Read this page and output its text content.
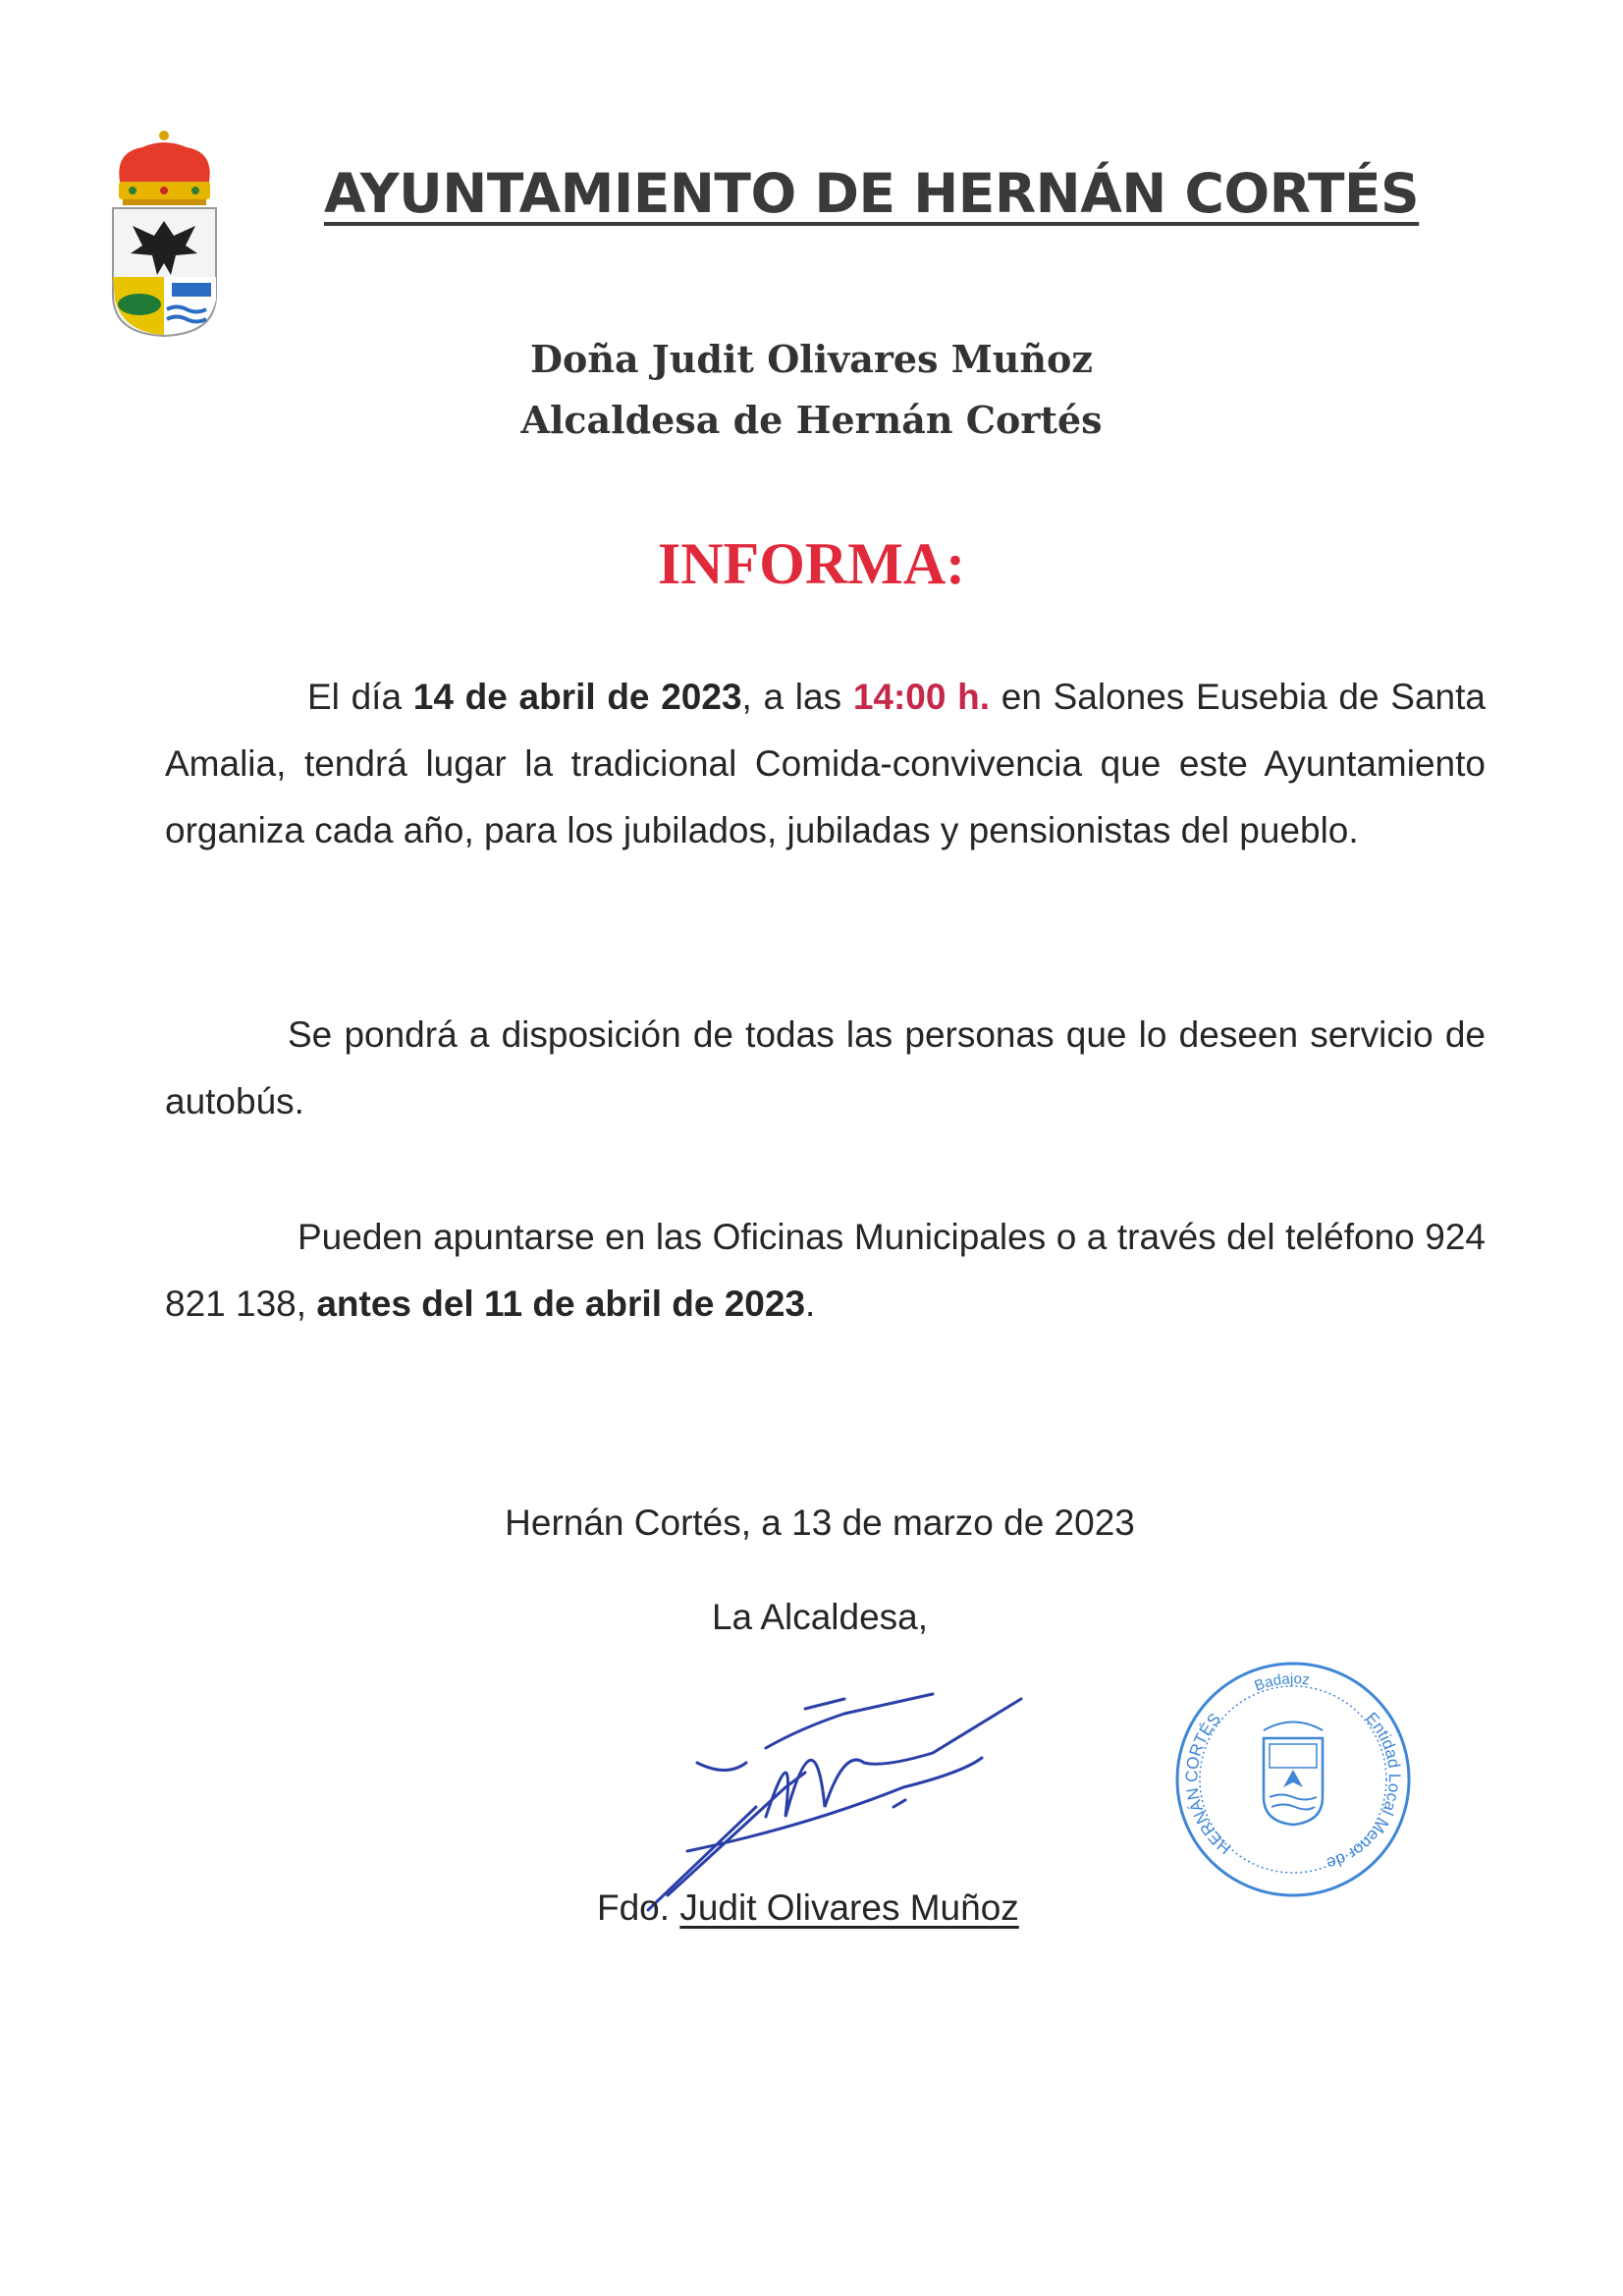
AYUNTAMIENTO DE HERNÁN CORTÉS
Doña Judit Olivares Muñoz
Alcaldesa de Hernán Cortés
INFORMA:
El día 14 de abril de 2023, a las 14:00 h. en Salones Eusebia de Santa Amalia, tendrá lugar la tradicional Comida-convivencia que este Ayuntamiento organiza cada año, para los jubilados, jubiladas y pensionistas del pueblo.
Se pondrá a disposición de todas las personas que lo deseen servicio de autobús.
Pueden apuntarse en las Oficinas Municipales o a través del teléfono 924 821 138, antes del 11 de abril de 2023.
Hernán Cortés, a 13 de marzo de 2023
La Alcaldesa,
Fdo. Judit Olivares Muñoz
HERNÁN CORTÉS	Entidad Local Menor de
Badajoz
